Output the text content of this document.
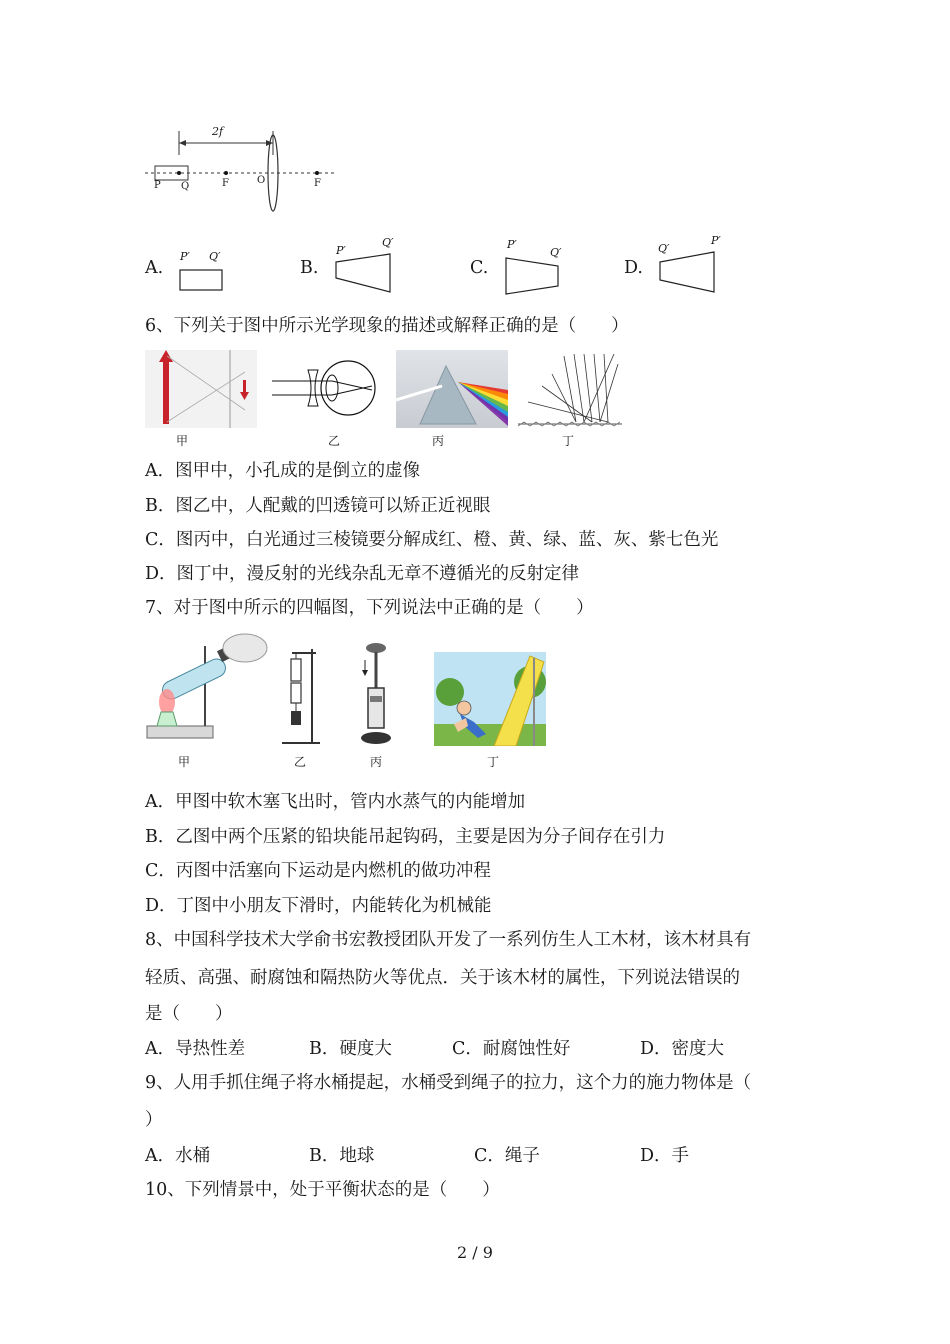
2f
P Q	F	O	F
A.
P′ Q′
B.
P′
Q′
C.
P′
Q′
D.
Q′
P′
6、下列关于图中所示光学现象的描述或解释正确的是（　　）
甲	乙	丙	丁
A．图甲中，小孔成的是倒立的虚像
B．图乙中，人配戴的凹透镜可以矫正近视眼
C．图丙中，白光通过三棱镜要分解成红、橙、黄、绿、蓝、灰、紫七色光
D．图丁中，漫反射的光线杂乱无章不遵循光的反射定律
7、对于图中所示的四幅图，下列说法中正确的是（　　）
甲	乙	丙	丁
A．甲图中软木塞飞出时，管内水蒸气的内能增加
B．乙图中两个压紧的铅块能吊起钩码，主要是因为分子间存在引力
C．丙图中活塞向下运动是内燃机的做功冲程
D．丁图中小朋友下滑时，内能转化为机械能
8、中国科学技术大学俞书宏教授团队开发了一系列仿生人工木材，该木材具有
轻质、高强、耐腐蚀和隔热防火等优点．关于该木材的属性，下列说法错误的
是（　　）
A．导热性差	B．硬度大	C．耐腐蚀性好	D．密度大
9、人用手抓住绳子将水桶提起，水桶受到绳子的拉力，这个力的施力物体是（
）
A．水桶	B．地球	C．绳子	D．手
10、下列情景中，处于平衡状态的是（　　）
2 / 9
